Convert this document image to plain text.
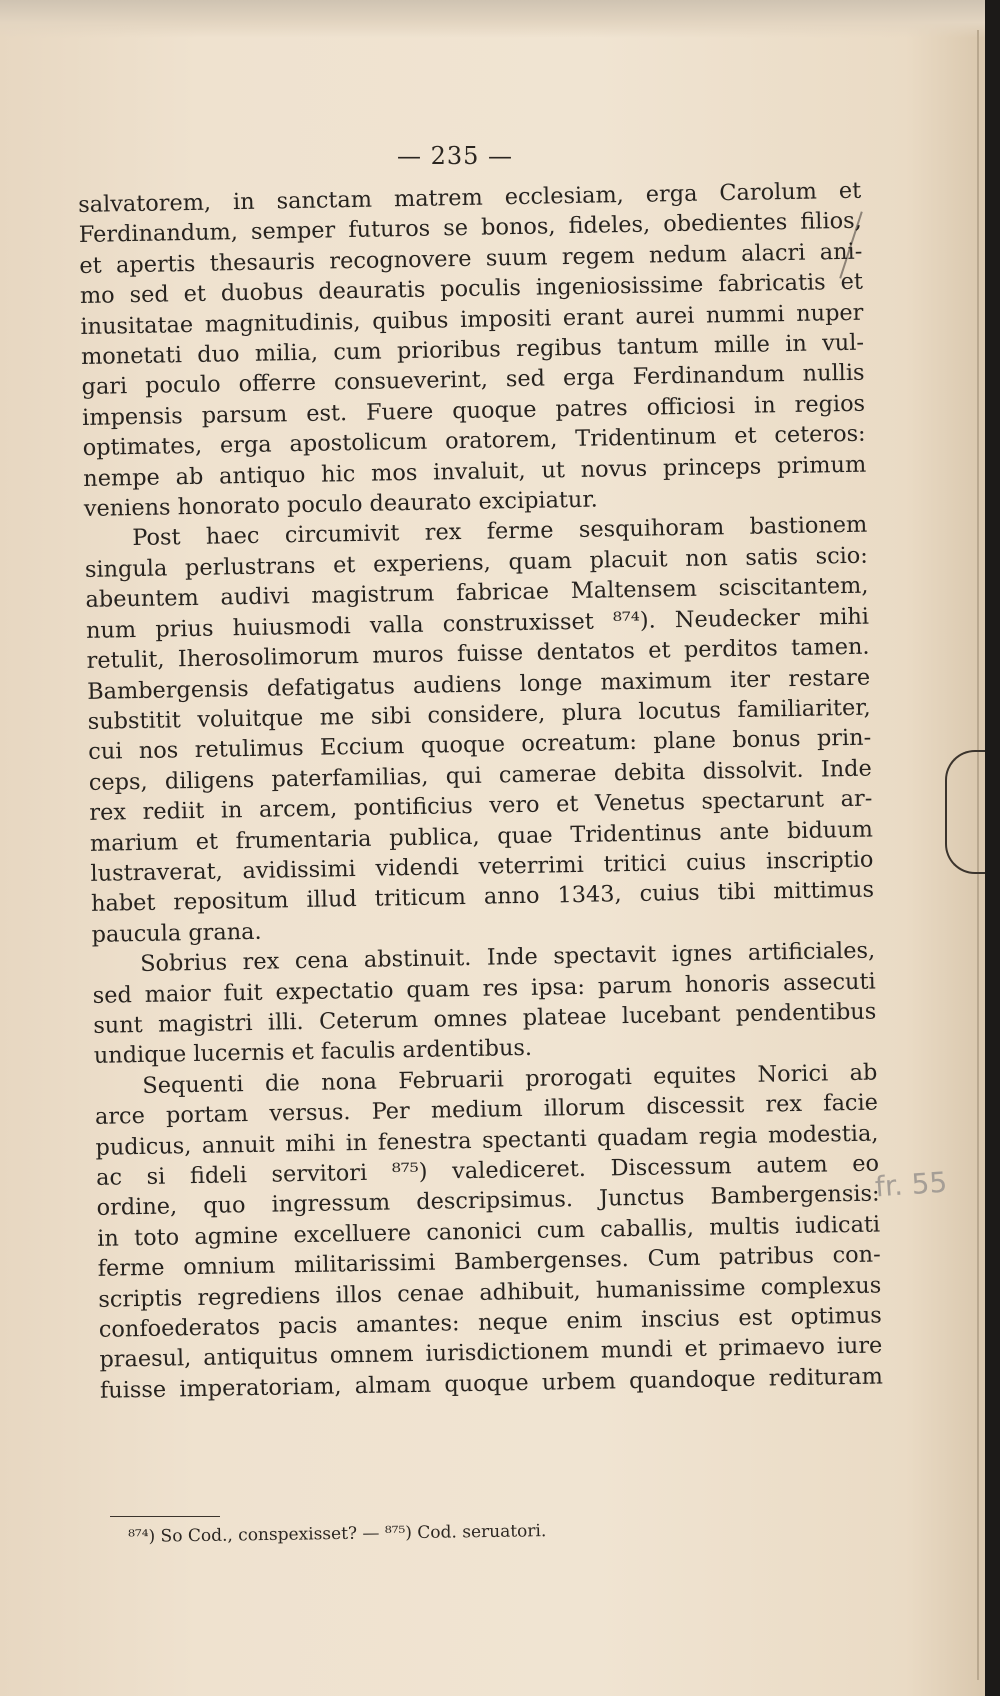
— 235 —
salvatorem, in sanctam matrem ecclesiam, erga Carolum et
Ferdinandum, semper futuros se bonos, fideles, obedientes filios,
et apertis thesauris recognovere suum regem nedum alacri ani-
mo sed et duobus deauratis poculis ingeniosissime fabricatis et
inusitatae magnitudinis, quibus impositi erant aurei nummi nuper
monetati duo milia, cum prioribus regibus tantum mille in vul-
gari poculo offerre consueverint, sed erga Ferdinandum nullis
impensis parsum est. Fuere quoque patres officiosi in regios
optimates, erga apostolicum oratorem, Tridentinum et ceteros:
nempe ab antiquo hic mos invaluit, ut novus princeps primum
veniens honorato poculo deaurato excipiatur.
Post haec circumivit rex ferme sesquihoram bastionem
singula perlustrans et experiens, quam placuit non satis scio:
abeuntem audivi magistrum fabricae Maltensem sciscitantem,
num prius huiusmodi valla construxisset ⁸⁷⁴). Neudecker mihi
retulit, Iherosolimorum muros fuisse dentatos et perditos tamen.
Bambergensis defatigatus audiens longe maximum iter restare
substitit voluitque me sibi considere, plura locutus familiariter,
cui nos retulimus Eccium quoque ocreatum: plane bonus prin-
ceps, diligens paterfamilias, qui camerae debita dissolvit. Inde
rex rediit in arcem, pontificius vero et Venetus spectarunt ar-
marium et frumentaria publica, quae Tridentinus ante biduum
lustraverat, avidissimi videndi veterrimi tritici cuius inscriptio
habet repositum illud triticum anno 1343, cuius tibi mittimus
paucula grana.
Sobrius rex cena abstinuit. Inde spectavit ignes artificiales,
sed maior fuit expectatio quam res ipsa: parum honoris assecuti
sunt magistri illi. Ceterum omnes plateae lucebant pendentibus
undique lucernis et faculis ardentibus.
Sequenti die nona Februarii prorogati equites Norici ab
arce portam versus. Per medium illorum discessit rex facie
pudicus, annuit mihi in fenestra spectanti quadam regia modestia,
ac si fideli servitori ⁸⁷⁵) valediceret. Discessum autem eo
ordine, quo ingressum descripsimus. Junctus Bambergensis:
in toto agmine excelluere canonici cum caballis, multis iudicati
ferme omnium militarissimi Bambergenses. Cum patribus con-
scriptis regrediens illos cenae adhibuit, humanissime complexus
confoederatos pacis amantes: neque enim inscius est optimus
praesul, antiquitus omnem iurisdictionem mundi et primaevo iure
fuisse imperatoriam, almam quoque urbem quandoque redituram
⁸⁷⁴) So Cod., conspexisset? — ⁸⁷⁵) Cod. seruatori.
fr. 55
